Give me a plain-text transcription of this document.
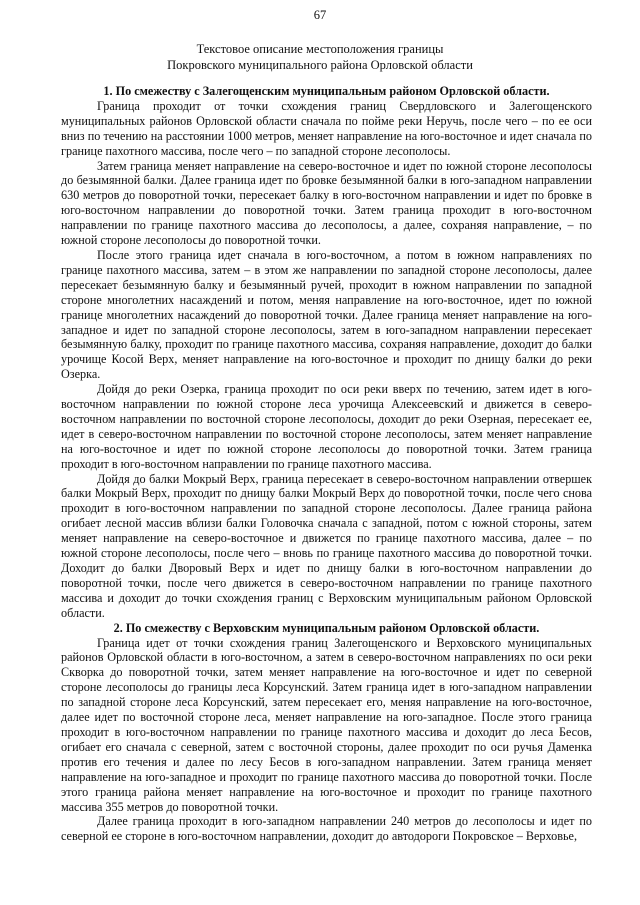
67
Текстовое описание местоположения границы
Покровского муниципального района Орловской области

1. По смежеству с Залегощенским муниципальным районом Орловской области.

Граница проходит от точки схождения границ Свердловского и Залегощенского муниципальных районов Орловской области сначала по пойме реки Неручь, после чего – по ее оси вниз по течению на расстоянии 1000 метров, меняет направление на юго-восточное и идет сначала по границе пахотного массива, после чего – по западной стороне лесополосы.

Затем граница меняет направление на северо-восточное и идет по южной стороне лесополосы до безымянной балки. Далее граница идет по бровке безымянной балки в юго-западном направлении 630 метров до поворотной точки, пересекает балку в юго-восточном направлении и идет по бровке в юго-восточном направлении до поворотной точки. Затем граница проходит в юго-восточном направлении по границе пахотного массива до лесополосы, а далее, сохраняя направление, – по южной стороне лесополосы до поворотной точки.

После этого граница идет сначала в юго-восточном, а потом в южном направлениях по границе пахотного массива, затем – в этом же направлении по западной стороне лесополосы, далее пересекает безымянную балку и безымянный ручей, проходит в южном направлении по западной стороне многолетних насаждений и потом, меняя направление на юго-восточное, идет по южной границе многолетних насаждений до поворотной точки. Далее граница меняет направление на юго-западное и идет по западной стороне лесополосы, затем в юго-западном направлении пересекает безымянную балку, проходит по границе пахотного массива, сохраняя направление, доходит до балки урочище Косой Верх, меняет направление на юго-восточное и проходит по днищу балки до реки Озерка.

Дойдя до реки Озерка, граница проходит по оси реки вверх по течению, затем идет в юго-восточном направлении по южной стороне леса урочища Алексеевский и движется в северо-восточном направлении по восточной стороне лесополосы, доходит до реки Озерная, пересекает ее, идет в северо-восточном направлении по восточной стороне лесополосы, затем меняет направление на юго-восточное и идет по южной стороне лесополосы до поворотной точки. Затем граница проходит в юго-восточном направлении по границе пахотного массива.

Дойдя до балки Мокрый Верх, граница пересекает в северо-восточном направлении отвершек балки Мокрый Верх, проходит по днищу балки Мокрый Верх до поворотной точки, после чего снова проходит в юго-восточном направлении по западной стороне лесополосы. Далее граница района огибает лесной массив вблизи балки Головочка сначала с западной, потом с южной стороны, затем меняет направление на северо-восточное и движется по границе пахотного массива, далее – по южной стороне лесополосы, после чего – вновь по границе пахотного массива до поворотной точки. Доходит до балки Дворовый Верх и идет по днищу балки в юго-восточном направлении до поворотной точки, после чего движется в северо-восточном направлении по границе пахотного массива и доходит до точки схождения границ с Верховским муниципальным районом Орловской области.

2. По смежеству с Верховским муниципальным районом Орловской области.

Граница идет от точки схождения границ Залегощенского и Верховского муниципальных районов Орловской области в юго-восточном, а затем в северо-восточном направлениях по оси реки Скворка до поворотной точки, затем меняет направление на юго-восточное и идет по северной стороне лесополосы до границы леса Корсунский. Затем граница идет в юго-западном направлении по западной стороне леса Корсунский, затем пересекает его, меняя направление на юго-восточное, далее идет по восточной стороне леса, меняет направление на юго-западное. После этого граница проходит в юго-восточном направлении по границе пахотного массива и доходит до леса Бесов, огибает его сначала с северной, затем с восточной стороны, далее проходит по оси ручья Даменка против его течения и далее по лесу Бесов в юго-западном направлении. Затем граница меняет направление на юго-западное и проходит по границе пахотного массива до поворотной точки. После этого граница района меняет направление на юго-восточное и проходит по границе пахотного массива 355 метров до поворотной точки.

Далее граница проходит в юго-западном направлении 240 метров до лесополосы и идет по северной ее стороне в юго-восточном направлении, доходит до автодороги Покровское – Верховье,
